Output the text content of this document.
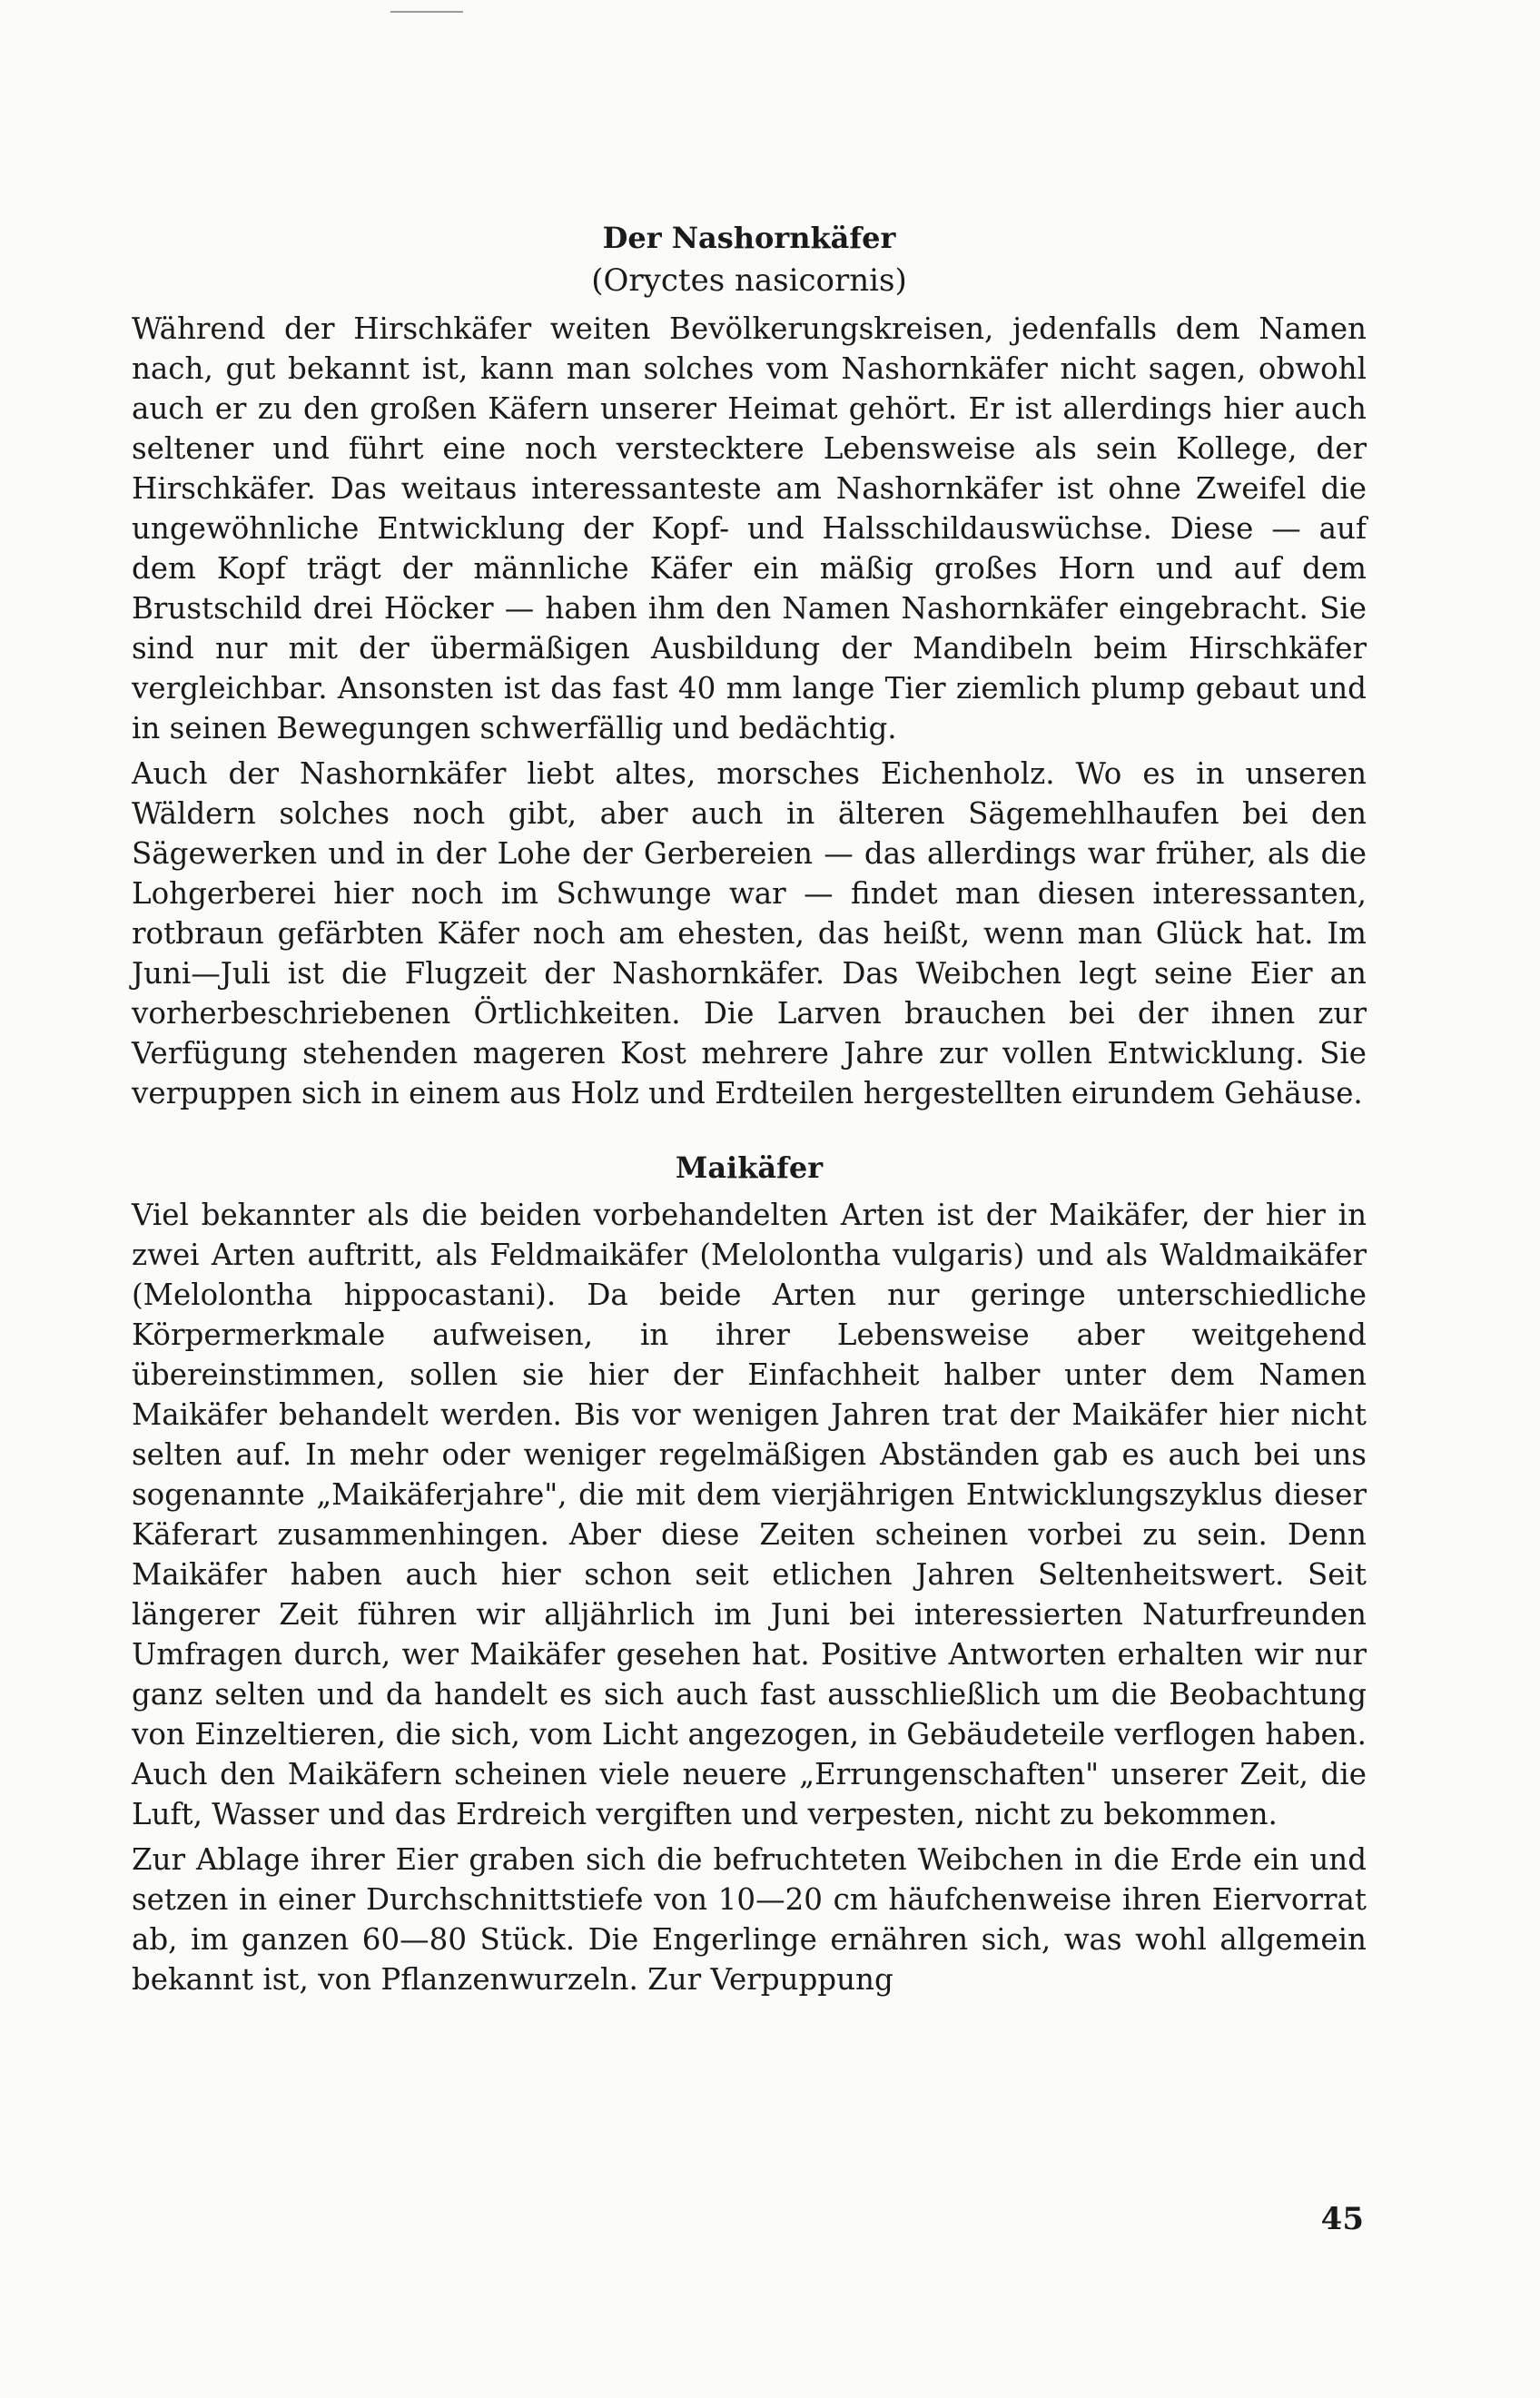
Der Nashornkäfer

(Oryctes nasicornis)

Während der Hirschkäfer weiten Bevölkerungskreisen, jedenfalls dem Namen nach, gut bekannt ist, kann man solches vom Nashornkäfer nicht sagen, obwohl auch er zu den großen Käfern unserer Heimat gehört. Er ist allerdings hier auch seltener und führt eine noch verstecktere Lebensweise als sein Kollege, der Hirschkäfer. Das weitaus interessanteste am Nashornkäfer ist ohne Zweifel die ungewöhnliche Entwicklung der Kopf- und Halsschildauswüchse. Diese — auf dem Kopf trägt der männliche Käfer ein mäßig großes Horn und auf dem Brustschild drei Höcker — haben ihm den Namen Nashornkäfer eingebracht. Sie sind nur mit der übermäßigen Ausbildung der Mandibeln beim Hirschkäfer vergleichbar. Ansonsten ist das fast 40 mm lange Tier ziemlich plump gebaut und in seinen Bewegungen schwerfällig und bedächtig.

Auch der Nashornkäfer liebt altes, morsches Eichenholz. Wo es in unseren Wäldern solches noch gibt, aber auch in älteren Sägemehlhaufen bei den Sägewerken und in der Lohe der Gerbereien — das allerdings war früher, als die Lohgerberei hier noch im Schwunge war — findet man diesen interessanten, rotbraun gefärbten Käfer noch am ehesten, das heißt, wenn man Glück hat. Im Juni—Juli ist die Flugzeit der Nashornkäfer. Das Weibchen legt seine Eier an vorherbeschriebenen Örtlichkeiten. Die Larven brauchen bei der ihnen zur Verfügung stehenden mageren Kost mehrere Jahre zur vollen Entwicklung. Sie verpuppen sich in einem aus Holz und Erdteilen hergestellten eirundem Gehäuse.

Maikäfer

Viel bekannter als die beiden vorbehandelten Arten ist der Maikäfer, der hier in zwei Arten auftritt, als Feldmaikäfer (Melolontha vulgaris) und als Waldmaikäfer (Melolontha hippocastani). Da beide Arten nur geringe unterschiedliche Körpermerkmale aufweisen, in ihrer Lebensweise aber weitgehend übereinstimmen, sollen sie hier der Einfachheit halber unter dem Namen Maikäfer behandelt werden. Bis vor wenigen Jahren trat der Maikäfer hier nicht selten auf. In mehr oder weniger regelmäßigen Abständen gab es auch bei uns sogenannte „Maikäferjahre", die mit dem vierjährigen Entwicklungszyklus dieser Käferart zusammenhingen. Aber diese Zeiten scheinen vorbei zu sein. Denn Maikäfer haben auch hier schon seit etlichen Jahren Seltenheitswert. Seit längerer Zeit führen wir alljährlich im Juni bei interessierten Naturfreunden Umfragen durch, wer Maikäfer gesehen hat. Positive Antworten erhalten wir nur ganz selten und da handelt es sich auch fast ausschließlich um die Beobachtung von Einzeltieren, die sich, vom Licht angezogen, in Gebäudeteile verflogen haben. Auch den Maikäfern scheinen viele neuere „Errungenschaften" unserer Zeit, die Luft, Wasser und das Erdreich vergiften und verpesten, nicht zu bekommen.

Zur Ablage ihrer Eier graben sich die befruchteten Weibchen in die Erde ein und setzen in einer Durchschnittstiefe von 10—20 cm häufchenweise ihren Eiervorrat ab, im ganzen 60—80 Stück. Die Engerlinge ernähren sich, was wohl allgemein bekannt ist, von Pflanzenwurzeln. Zur Verpuppung

45
